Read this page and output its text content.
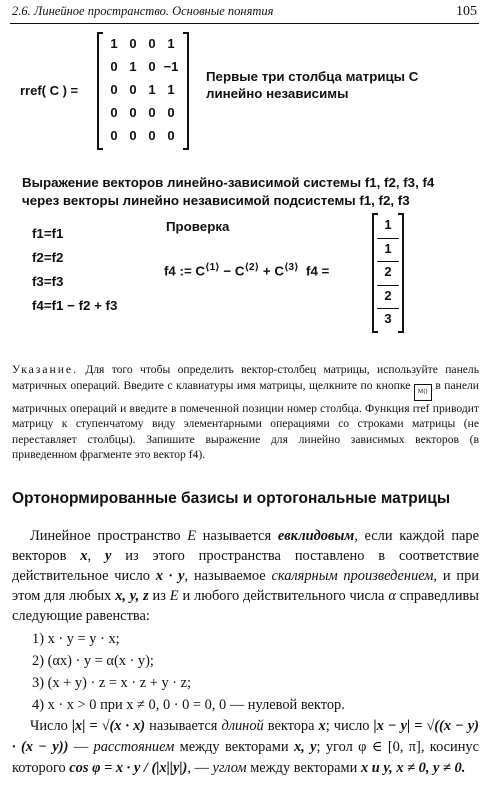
2.6. Линейное пространство. Основные понятия	105
rref( C ) =
1 0 0 1
0 1 0 −1
0 0 1 1
0 0 0 0
0 0 0 0
Первые три столбца матрицы С
линейно независимы
Выражение векторов линейно-зависимой системы f1, f2, f3, f4
через векторы линейно независимой подсистемы f1, f2, f3
f1=f1
f2=f2
f3=f3
f4=f1 − f2 + f3
Проверка
f4 := $C^{⟨1⟩} - C^{⟨2⟩} + C^{⟨3⟩}$  f4 =
1
1
2
2
3
Указание. Для того чтобы определить вектор-столбец матрицы, используйте панель матричных операций. Введите с клавиатуры имя матрицы, щелкните по кнопке M⟨⟩ в панели матричных операций и введите в помеченной позиции номер столбца. Функция rref приводит матрицу к ступенчатому виду элементарными операциями со строками матрицы (не переставляет столбцы). Запишите выражение для линейно зависимых векторов (в приведенном фрагменте это вектор f4).
Ортонормированные базисы и ортогональные матрицы
Линейное пространство E называется евклидовым, если каждой паре векторов x, y из этого пространства поставлено в соответствие действительное число x · y, называемое скалярным произведением, и при этом для любых x, y, z из E и любого действительного числа α справедливы следующие равенства:
1) x · y = y · x;
2) (αx) · y = α(x · y);
3) (x + y) · z = x · z + y · z;
4) x · x > 0 при x ≠ 0, 0 · 0 = 0, 0 — нулевой вектор.
Число |x| = √(x · x) называется длиной вектора x; число |x − y| = √((x − y) · (x − y)) — расстоянием между векторами x, y; угол φ ∈ [0, π], косинус которого cos φ = x · y / (|x||y|), — углом между векторами x и y, x ≠ 0, y ≠ 0.
